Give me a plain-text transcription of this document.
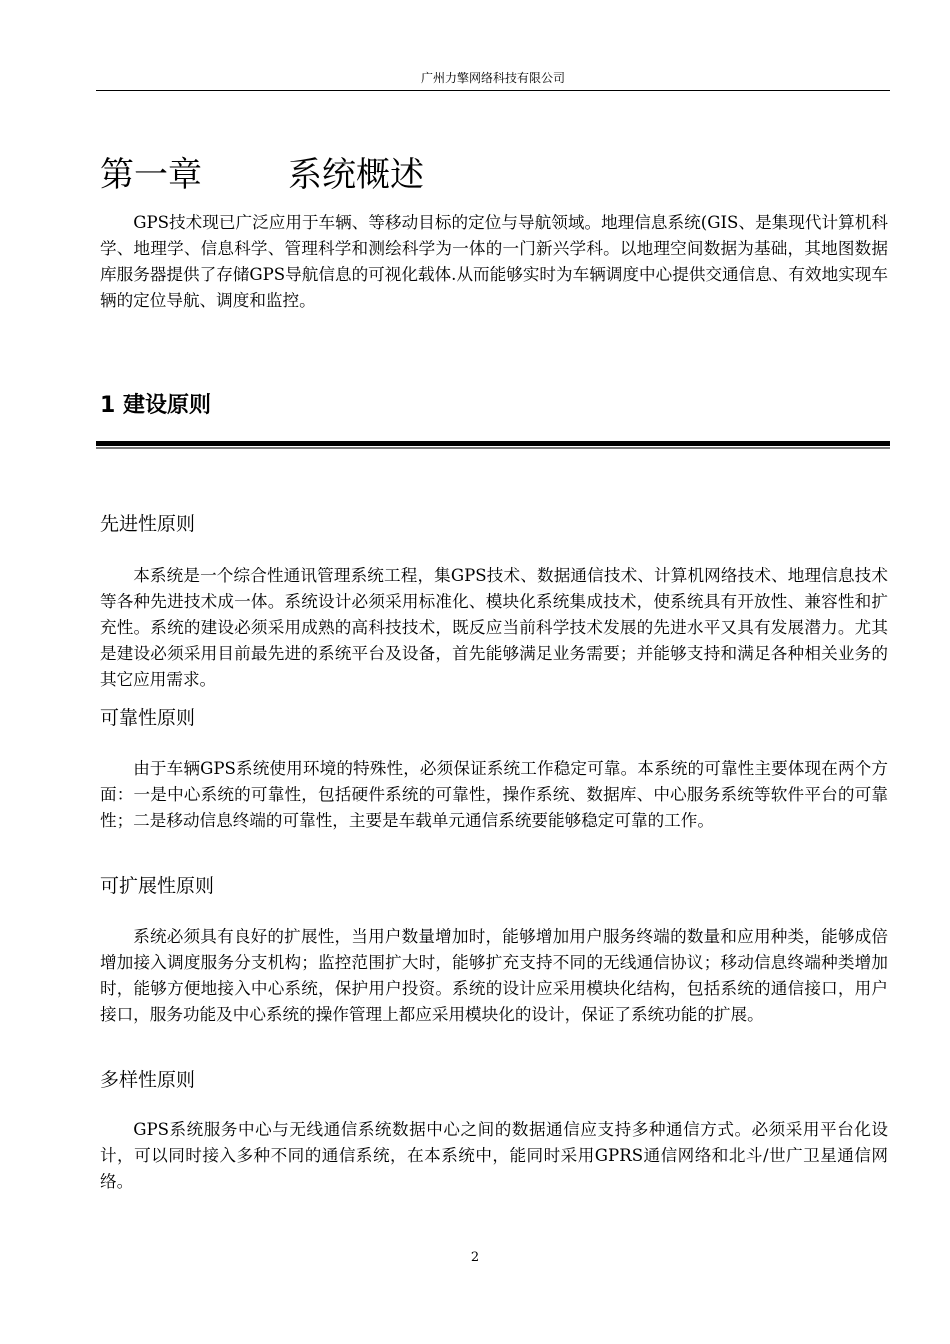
广州力擎网络科技有限公司
第一章	系统概述

GPS技术现已广泛应用于车辆、等移动目标的定位与导航领域。地理信息系统(GIS、是集现代计算机科学、地理学、信息科学、管理科学和测绘科学为一体的一门新兴学科。以地理空间数据为基础，其地图数据库服务器提供了存储GPS导航信息的可视化载体.从而能够实时为车辆调度中心提供交通信息、有效地实现车辆的定位导航、调度和监控。

1 建设原则
先进性原则

本系统是一个综合性通讯管理系统工程，集GPS技术、数据通信技术、计算机网络技术、地理信息技术等各种先进技术成一体。系统设计必须采用标准化、模块化系统集成技术，使系统具有开放性、兼容性和扩充性。系统的建设必须采用成熟的高科技技术，既反应当前科学技术发展的先进水平又具有发展潜力。尤其是建设必须采用目前最先进的系统平台及设备，首先能够满足业务需要；并能够支持和满足各种相关业务的其它应用需求。

可靠性原则

由于车辆GPS系统使用环境的特殊性，必须保证系统工作稳定可靠。本系统的可靠性主要体现在两个方面：一是中心系统的可靠性，包括硬件系统的可靠性，操作系统、数据库、中心服务系统等软件平台的可靠性；二是移动信息终端的可靠性，主要是车载单元通信系统要能够稳定可靠的工作。

可扩展性原则

系统必须具有良好的扩展性，当用户数量增加时，能够增加用户服务终端的数量和应用种类，能够成倍增加接入调度服务分支机构；监控范围扩大时，能够扩充支持不同的无线通信协议；移动信息终端种类增加时，能够方便地接入中心系统，保护用户投资。系统的设计应采用模块化结构，包括系统的通信接口，用户接口，服务功能及中心系统的操作管理上都应采用模块化的设计，保证了系统功能的扩展。

多样性原则

GPS系统服务中心与无线通信系统数据中心之间的数据通信应支持多种通信方式。必须采用平台化设计，可以同时接入多种不同的通信系统，在本系统中，能同时采用GPRS通信网络和北斗/世广卫星通信网络。

2
